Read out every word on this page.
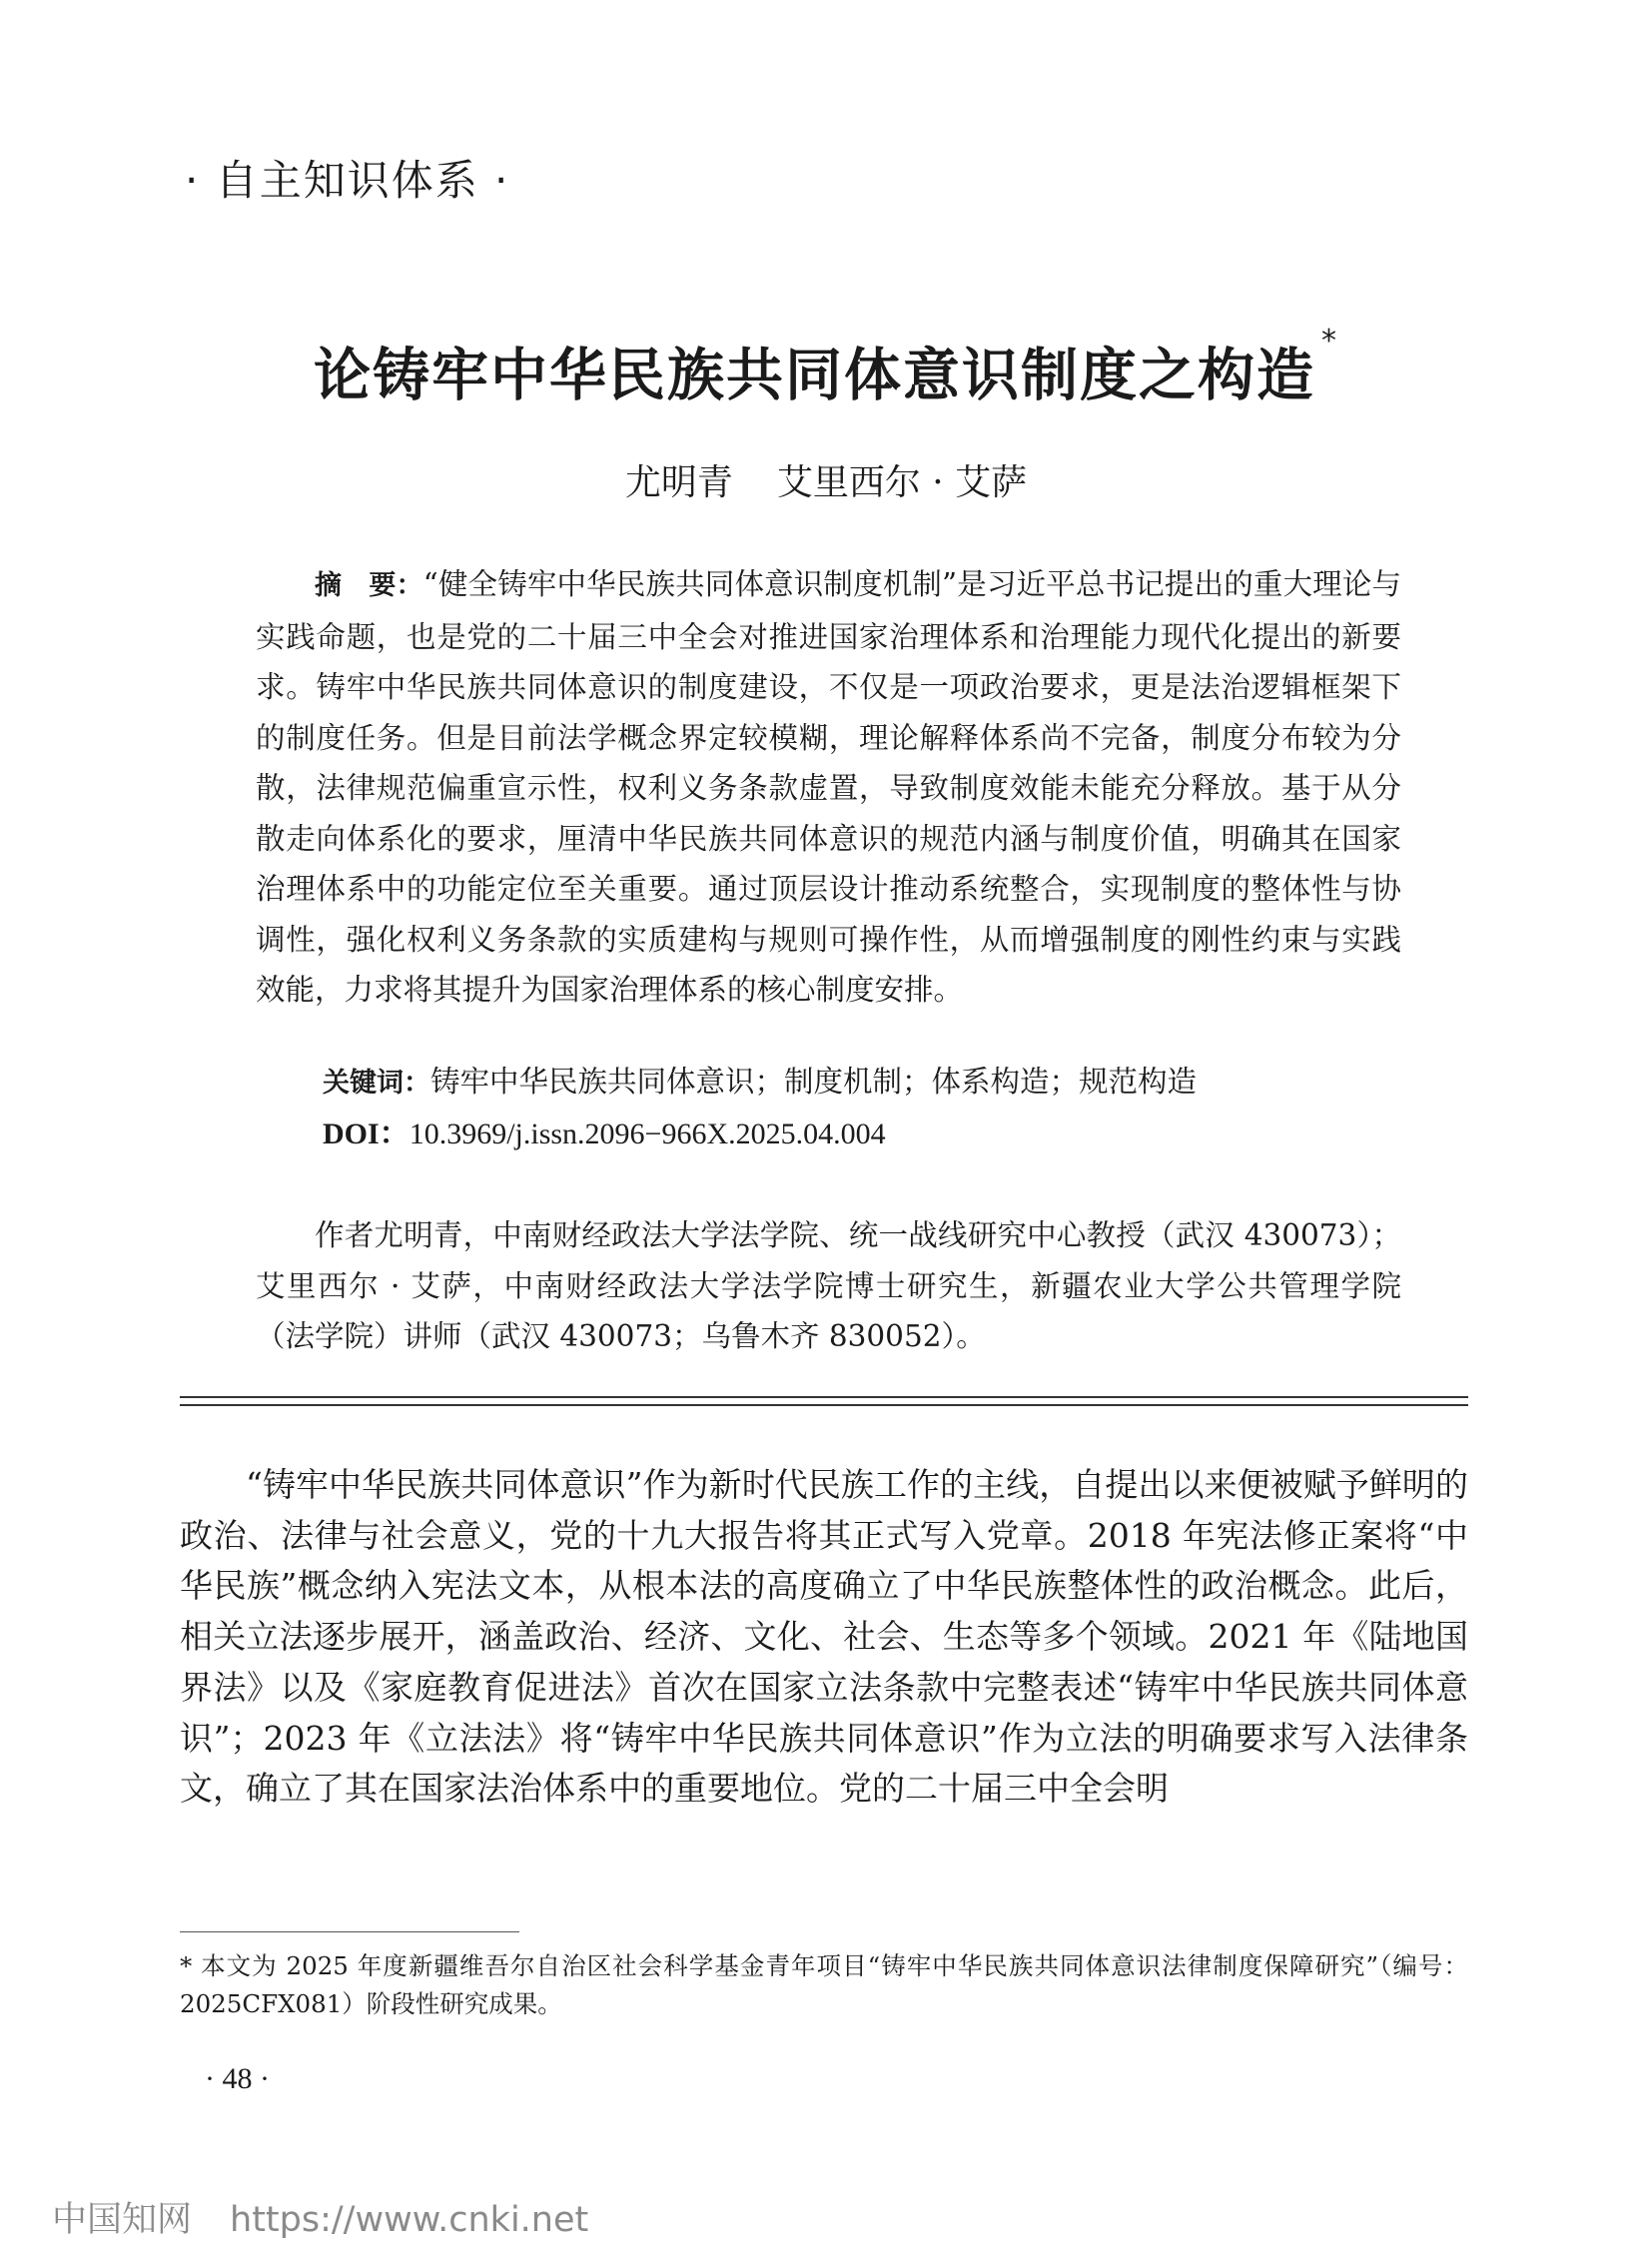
· 自主知识体系 ·
论铸牢中华民族共同体意识制度之构造*
尤明青 艾里西尔 · 艾萨
摘　要：“健全铸牢中华民族共同体意识制度机制”是习近平总书记提出的重大理论与实践命题，也是党的二十届三中全会对推进国家治理体系和治理能力现代化提出的新要求。铸牢中华民族共同体意识的制度建设，不仅是一项政治要求，更是法治逻辑框架下的制度任务。但是目前法学概念界定较模糊，理论解释体系尚不完备，制度分布较为分散，法律规范偏重宣示性，权利义务条款虚置，导致制度效能未能充分释放。基于从分散走向体系化的要求，厘清中华民族共同体意识的规范内涵与制度价值，明确其在国家治理体系中的功能定位至关重要。通过顶层设计推动系统整合，实现制度的整体性与协调性，强化权利义务条款的实质建构与规则可操作性，从而增强制度的刚性约束与实践效能，力求将其提升为国家治理体系的核心制度安排。
关键词：铸牢中华民族共同体意识；制度机制；体系构造；规范构造
DOI：10.3969/j.issn.2096−966X.2025.04.004
作者尤明青，中南财经政法大学法学院、统一战线研究中心教授（武汉 430073）；艾里西尔 · 艾萨，中南财经政法大学法学院博士研究生，新疆农业大学公共管理学院（法学院）讲师（武汉 430073；乌鲁木齐 830052）。
“铸牢中华民族共同体意识”作为新时代民族工作的主线，自提出以来便被赋予鲜明的政治、法律与社会意义，党的十九大报告将其正式写入党章。2018 年宪法修正案将“中华民族”概念纳入宪法文本，从根本法的高度确立了中华民族整体性的政治概念。此后，相关立法逐步展开，涵盖政治、经济、文化、社会、生态等多个领域。2021 年《陆地国界法》以及《家庭教育促进法》首次在国家立法条款中完整表述“铸牢中华民族共同体意识”；2023 年《立法法》将“铸牢中华民族共同体意识”作为立法的明确要求写入法律条文，确立了其在国家法治体系中的重要地位。党的二十届三中全会明
* 本文为 2025 年度新疆维吾尔自治区社会科学基金青年项目“铸牢中华民族共同体意识法律制度保障研究”（编号：2025CFX081）阶段性研究成果。
· 48 ·
中国知网 https://www.cnki.net
